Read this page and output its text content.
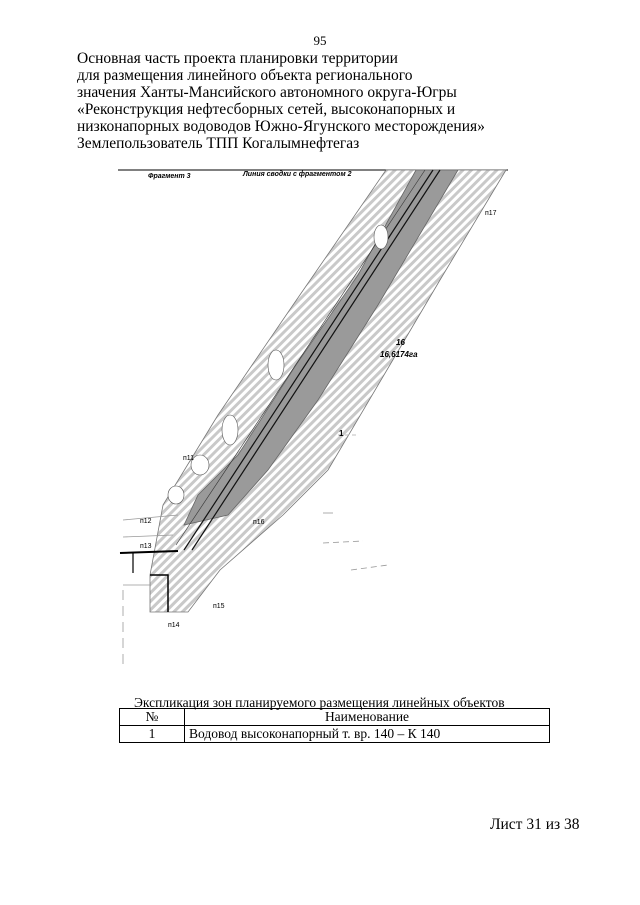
95
Основная часть проекта планировки территории
для размещения линейного объекта регионального
значения Ханты-Мансийского автономного округа-Югры
«Реконструкция нефтесборных сетей, высоконапорных и
низконапорных водоводов Южно-Ягунского месторождения»
Землепользователь ТПП Когалымнефтегаз
Фрагмент 3	Линия сводки с фрагментом 2
п17
16
16,6174га
1
п11
п12
п13
п16
п15
п14
Экспликация зон планируемого размещения линейных объектов
№	Наименование
1	Водовод высоконапорный т. вр. 140 – К 140
Лист 31 из 38
